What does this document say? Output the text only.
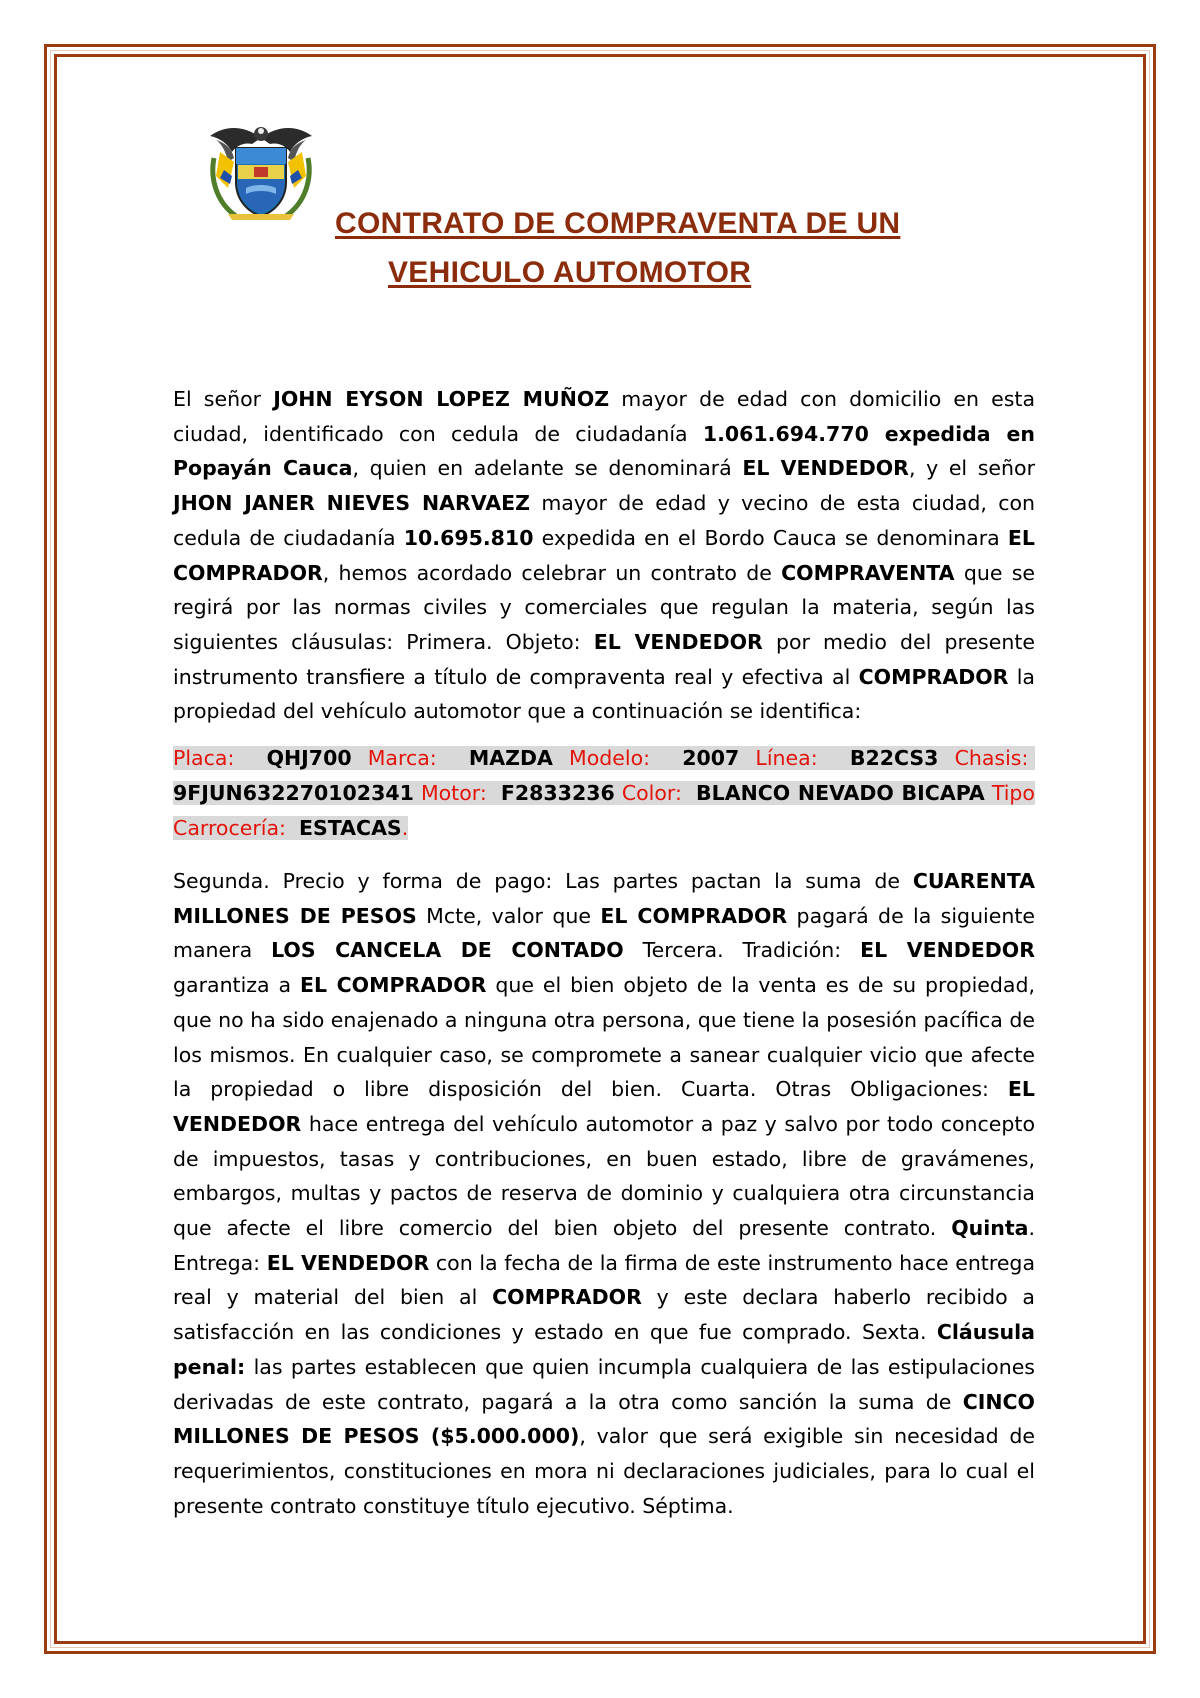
CONTRATO DE COMPRAVENTA DE UN
VEHICULO AUTOMOTOR

El señor JOHN EYSON LOPEZ MUÑOZ mayor de edad con domicilio en esta ciudad, identificado con cedula de ciudadanía 1.061.694.770 expedida en Popayán Cauca, quien en adelante se denominará EL VENDEDOR, y el señor JHON JANER NIEVES NARVAEZ mayor de edad y vecino de esta ciudad, con cedula de ciudadanía 10.695.810 expedida en el Bordo Cauca se denominara EL COMPRADOR, hemos acordado celebrar un contrato de COMPRAVENTA que se regirá por las normas civiles y comerciales que regulan la materia, según las siguientes cláusulas: Primera. Objeto: EL VENDEDOR por medio del presente instrumento transfiere a título de compraventa real y efectiva al COMPRADOR la propiedad del vehículo automotor que a continuación se identifica:

Placa: QHJ700 Marca: MAZDA Modelo: 2007 Línea: B22CS3 Chasis:  9FJUN632270102341 Motor: F2833236 Color: BLANCO NEVADO BICAPA Tipo Carrocería: ESTACAS.

Segunda. Precio y forma de pago: Las partes pactan la suma de CUARENTA MILLONES DE PESOS Mcte, valor que EL COMPRADOR pagará de la siguiente manera LOS CANCELA DE CONTADO Tercera. Tradición: EL VENDEDOR garantiza a EL COMPRADOR que el bien objeto de la venta es de su propiedad, que no ha sido enajenado a ninguna otra persona, que tiene la posesión pacífica de los mismos. En cualquier caso, se compromete a sanear cualquier vicio que afecte la propiedad o libre disposición del bien. Cuarta. Otras Obligaciones: EL VENDEDOR hace entrega del vehículo automotor a paz y salvo por todo concepto de impuestos, tasas y contribuciones, en buen estado, libre de gravámenes, embargos, multas y pactos de reserva de dominio y cualquiera otra circunstancia que afecte el libre comercio del bien objeto del presente contrato. Quinta. Entrega: EL VENDEDOR con la fecha de la firma de este instrumento hace entrega real y material del bien al COMPRADOR y este declara haberlo recibido a satisfacción en las condiciones y estado en que fue comprado. Sexta. Cláusula penal: las partes establecen que quien incumpla cualquiera de las estipulaciones derivadas de este contrato, pagará a la otra como sanción la suma de CINCO MILLONES DE PESOS ($5.000.000), valor que será exigible sin necesidad de requerimientos, constituciones en mora ni declaraciones judiciales, para lo cual el presente contrato constituye título ejecutivo. Séptima.
